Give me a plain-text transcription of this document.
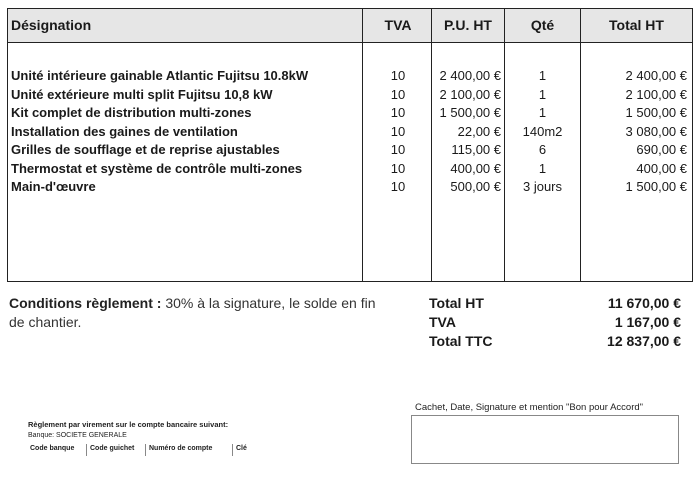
Désignation	TVA	P.U. HT	Qté	Total HT
Unité intérieure gainable Atlantic Fujitsu 10.8kW	10	2 400,00 €	1	2 400,00 €
Unité extérieure multi split Fujitsu 10,8 kW	10	2 100,00 €	1	2 100,00 €
Kit complet de distribution multi-zones	10	1 500,00 €	1	1 500,00 €
Installation des gaines de ventilation	10	22,00 €	140m2	3 080,00 €
Grilles de soufflage et de reprise ajustables	10	115,00 €	6	690,00 €
Thermostat et système de contrôle multi-zones	10	400,00 €	1	400,00 €
Main-d'œuvre	10	500,00 €	3 jours	1 500,00 €
Conditions règlement : 30% à la signature, le solde en fin de chantier.
Total HT	11 670,00 €
TVA	1 167,00 €
Total TTC	12 837,00 €
Règlement par virement sur le compte bancaire suivant:
Banque: SOCIETE GENERALE
Code banque	Code guichet	Numéro de compte	Clé
Cachet, Date, Signature et mention "Bon pour Accord"
